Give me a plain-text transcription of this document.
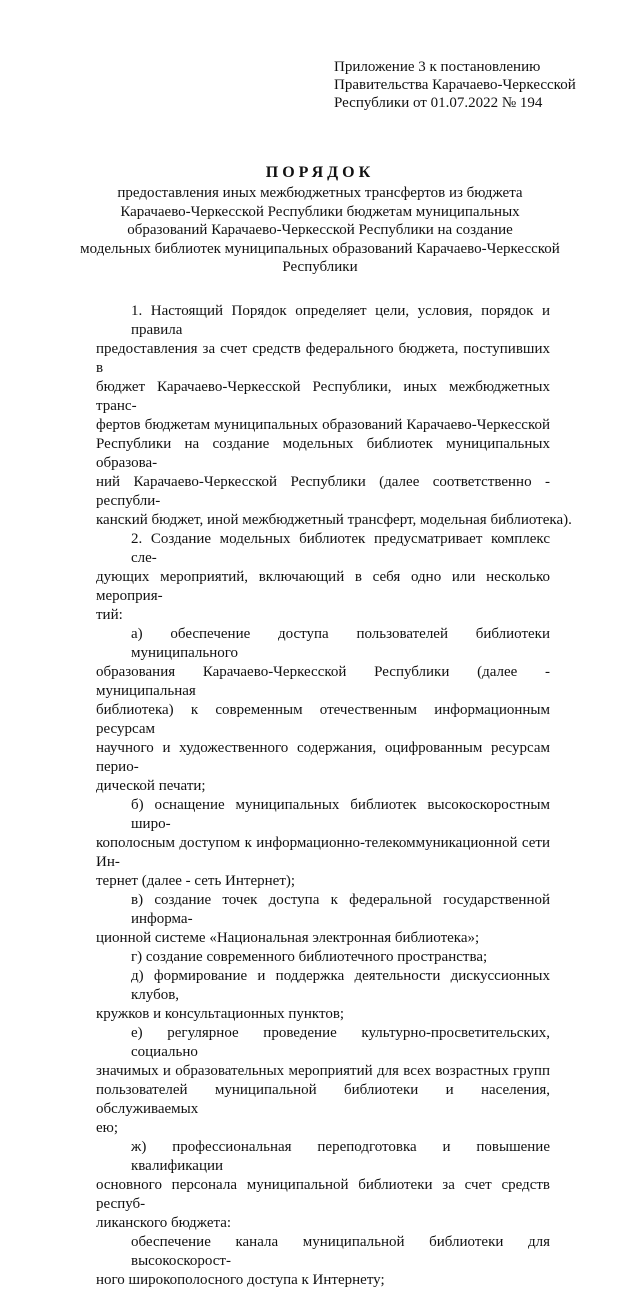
Приложение 3 к постановлению
Правительства Карачаево-Черкесской
Республики от 01.07.2022 № 194
ПОРЯДОК
предоставления иных межбюджетных трансфертов из бюджета
Карачаево-Черкесской Республики бюджетам муниципальных
образований Карачаево-Черкесской Республики на создание
модельных библиотек муниципальных образований Карачаево-Черкесской
Республики
1. Настоящий Порядок определяет цели, условия, порядок и правила
предоставления за счет средств федерального бюджета, поступивших в
бюджет Карачаево-Черкесской Республики, иных межбюджетных транс-
фертов бюджетам муниципальных образований Карачаево-Черкесской
Республики на создание модельных библиотек муниципальных образова-
ний Карачаево-Черкесской Республики (далее соответственно - республи-
канский бюджет, иной межбюджетный трансферт, модельная библиотека).
2. Создание модельных библиотек предусматривает комплекс сле-
дующих мероприятий, включающий в себя одно или несколько мероприя-
тий:
а) обеспечение доступа пользователей библиотеки муниципального
образования Карачаево-Черкесской Республики (далее - муниципальная
библиотека) к современным отечественным информационным ресурсам
научного и художественного содержания, оцифрованным ресурсам перио-
дической печати;
б) оснащение муниципальных библиотек высокоскоростным широ-
кополосным доступом к информационно-телекоммуникационной сети Ин-
тернет (далее - сеть Интернет);
в) создание точек доступа к федеральной государственной информа-
ционной системе «Национальная электронная библиотека»;
г) создание современного библиотечного пространства;
д) формирование и поддержка деятельности дискуссионных клубов,
кружков и консультационных пунктов;
е) регулярное проведение культурно-просветительских, социально
значимых и образовательных мероприятий для всех возрастных групп
пользователей муниципальной библиотеки и населения, обслуживаемых
ею;
ж) профессиональная переподготовка и повышение квалификации
основного персонала муниципальной библиотеки за счет средств респуб-
ликанского бюджета:
обеспечение канала муниципальной библиотеки для высокоскорост-
ного широкополосного доступа к Интернету;
